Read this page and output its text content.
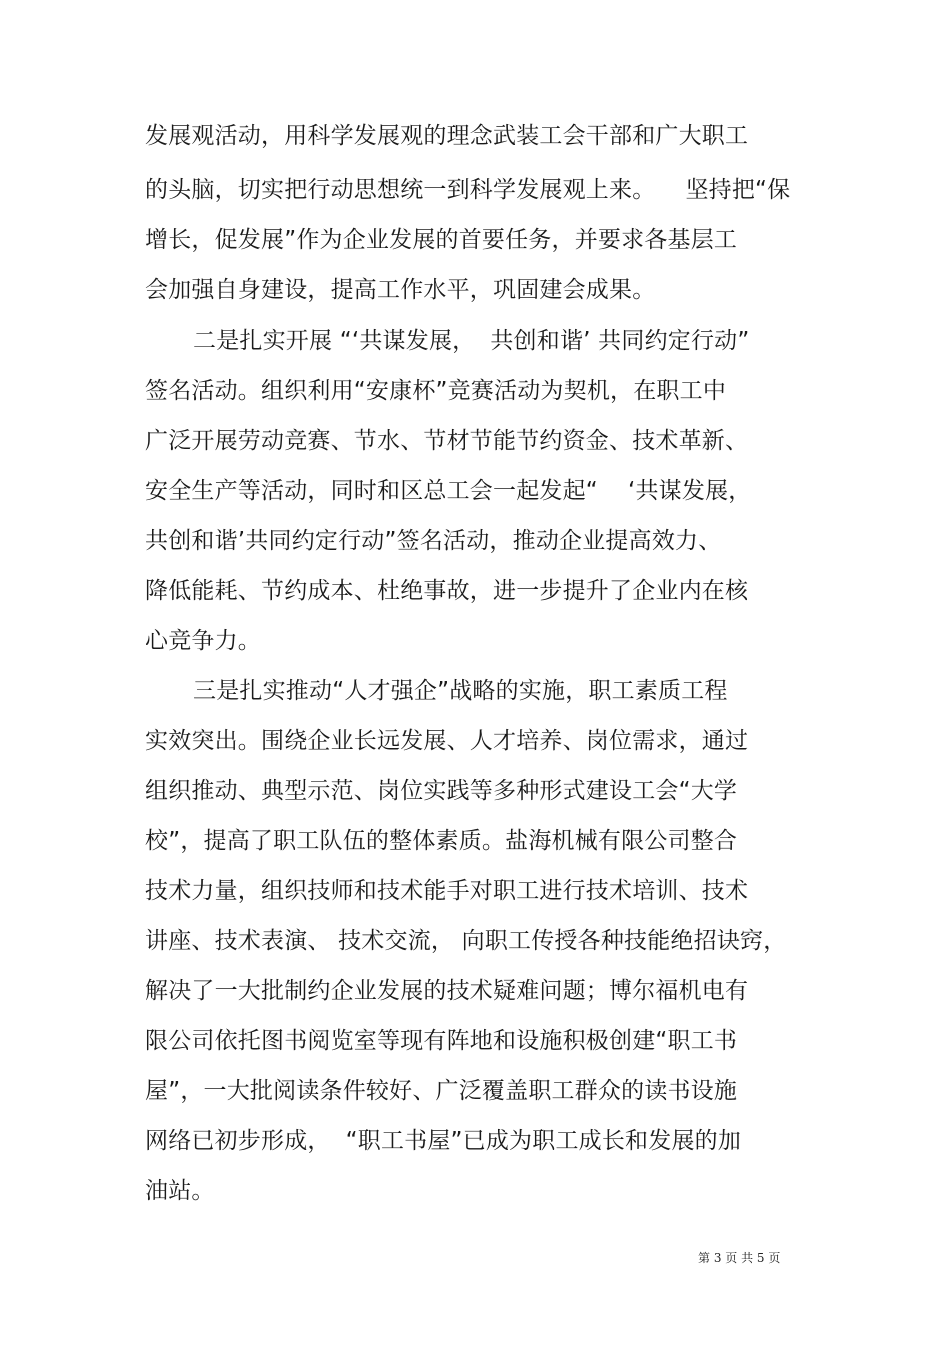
发展观活动，用科学发展观的理念武装工会干部和广大职工
的头脑，切实把行动思想统一到科学发展观上来。    坚持把“保
增长，促发展”作为企业发展的首要任务，并要求各基层工
会加强自身建设，提高工作水平，巩固建会成果。
二是扎实开展 “‘共谋发展，  共创和谐’ 共同约定行动”
签名活动。组织利用“安康杯”竞赛活动为契机，在职工中
广泛开展劳动竞赛、节水、节材节能节约资金、技术革新、
安全生产等活动，同时和区总工会一起发起“    ‘共谋发展，
共创和谐’共同约定行动”签名活动，推动企业提高效力、
降低能耗、节约成本、杜绝事故，进一步提升了企业内在核
心竞争力。
三是扎实推动“人才强企”战略的实施，职工素质工程
实效突出。围绕企业长远发展、人才培养、岗位需求，通过
组织推动、典型示范、岗位实践等多种形式建设工会“大学
校”，提高了职工队伍的整体素质。盐海机械有限公司整合
技术力量，组织技师和技术能手对职工进行技术培训、技术
讲座、技术表演、 技术交流， 向职工传授各种技能绝招诀窍，
解决了一大批制约企业发展的技术疑难问题；博尔福机电有
限公司依托图书阅览室等现有阵地和设施积极创建“职工书
屋”，一大批阅读条件较好、广泛覆盖职工群众的读书设施
网络已初步形成，  “职工书屋”已成为职工成长和发展的加
油站。
第 3 页 共 5 页
